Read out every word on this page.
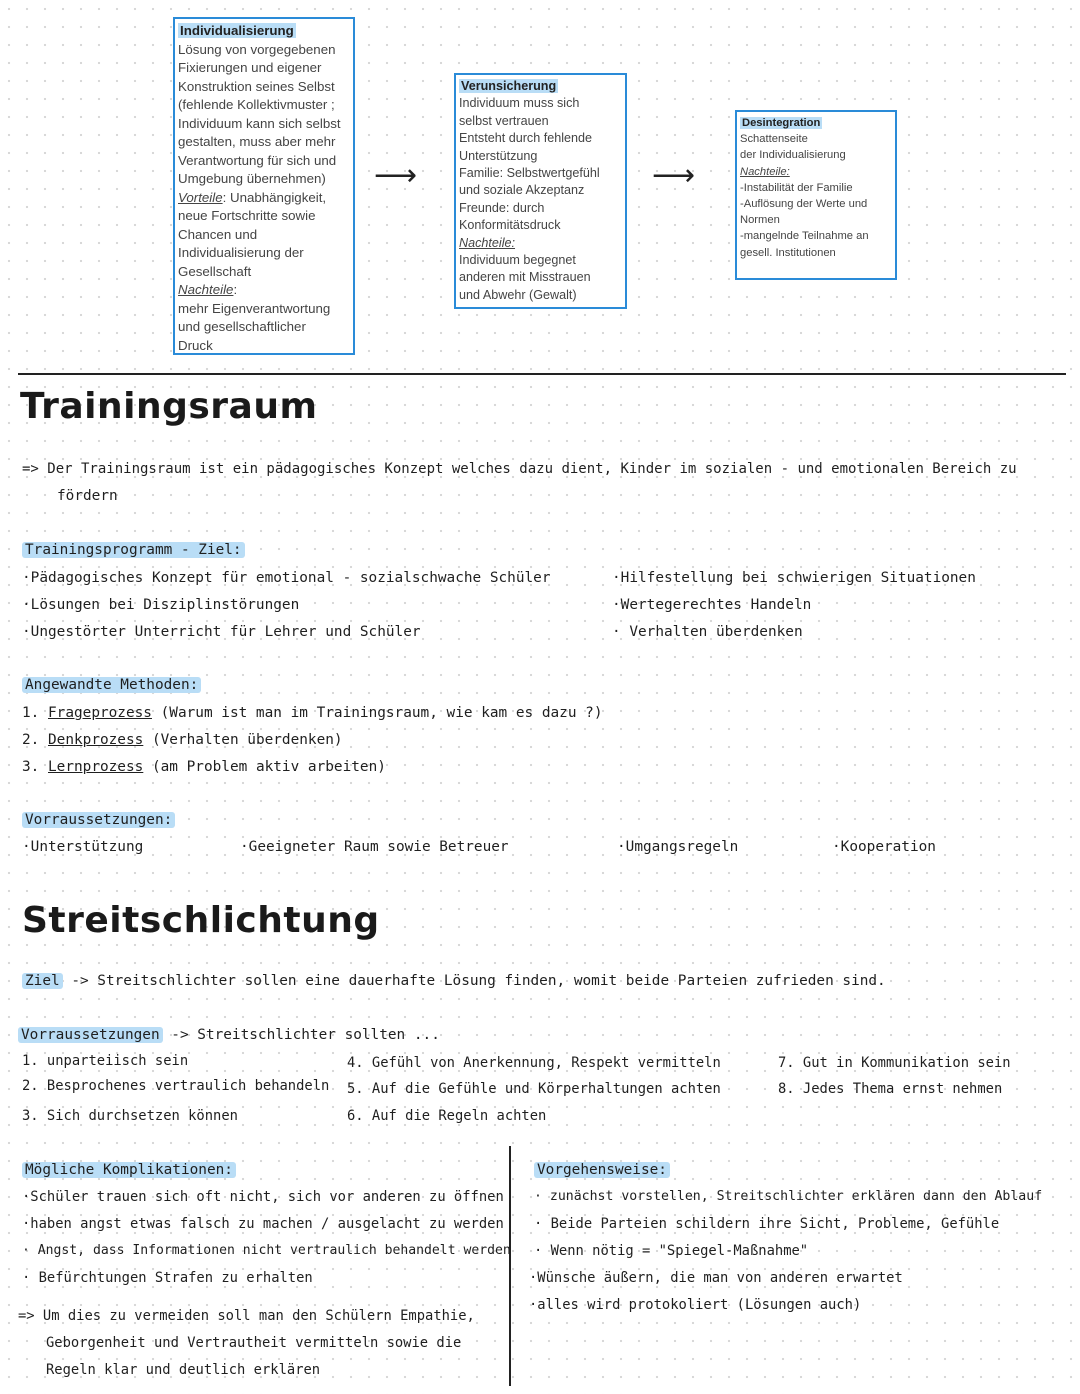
Individualisierung
Lösung von vorgegebenen
Fixierungen und eigener
Konstruktion seines Selbst
(fehlende Kollektivmuster ;
Individuum kann sich selbst
gestalten, muss aber mehr
Verantwortung für sich und
Umgebung übernehmen)
Vorteile: Unabhängigkeit,
neue Fortschritte sowie
Chancen und
Individualisierung der
Gesellschaft
Nachteile:
mehr Eigenverantwortung
und gesellschaftlicher
Druck
⟶
Verunsicherung
Individuum muss sich
selbst vertrauen
Entsteht durch fehlende
Unterstützung
Familie: Selbstwertgefühl
und soziale Akzeptanz
Freunde: durch
Konformitätsdruck
Nachteile:
Individuum begegnet
anderen mit Misstrauen
und Abwehr (Gewalt)
⟶
Desintegration
Schattenseite
der Individualisierung
Nachteile:
-Instabilität der Familie
-Auflösung der Werte und
Normen
-mangelnde Teilnahme an
gesell. Institutionen
Trainingsraum
=> Der Trainingsraum ist ein pädagogisches Konzept welches dazu dient, Kinder im sozialen - und emotionalen Bereich zu
fördern
Trainingsprogramm - Ziel:
·Pädagogisches Konzept für emotional - sozialschwache Schüler
·Lösungen bei Disziplinstörungen
·Ungestörter Unterricht für Lehrer und Schüler
·Hilfestellung bei schwierigen Situationen
·Wertegerechtes Handeln
· Verhalten überdenken
Angewandte Methoden:
1. Frageprozess (Warum ist man im Trainingsraum, wie kam es dazu ?)
2. Denkprozess (Verhalten überdenken)
3. Lernprozess (am Problem aktiv arbeiten)
Vorraussetzungen:
·Unterstützung	·Geeigneter Raum sowie Betreuer	·Umgangsregeln	·Kooperation
Streitschlichtung
Ziel -> Streitschlichter sollen eine dauerhafte Lösung finden, womit beide Parteien zufrieden sind.
Vorraussetzungen -> Streitschlichter sollten ...
1. unparteiisch sein
2. Besprochenes vertraulich behandeln
3. Sich durchsetzen können
4. Gefühl von Anerkennung, Respekt vermitteln
5. Auf die Gefühle und Körperhaltungen achten
6. Auf die Regeln achten
7. Gut in Kommunikation sein
8. Jedes Thema ernst nehmen
Mögliche Komplikationen:
·Schüler trauen sich oft nicht, sich vor anderen zu öffnen
·haben angst etwas falsch zu machen / ausgelacht zu werden
· Angst, dass Informationen nicht vertraulich behandelt werden
· Befürchtungen Strafen zu erhalten
=> Um dies zu vermeiden soll man den Schülern Empathie,
Geborgenheit und Vertrautheit vermitteln sowie die
Regeln klar und deutlich erklären
Vorgehensweise:
· zunächst vorstellen, Streitschlichter erklären dann den Ablauf
· Beide Parteien schildern ihre Sicht, Probleme, Gefühle
· Wenn nötig = "Spiegel-Maßnahme"
·Wünsche äußern, die man von anderen erwartet
·alles wird protokoliert (Lösungen auch)
